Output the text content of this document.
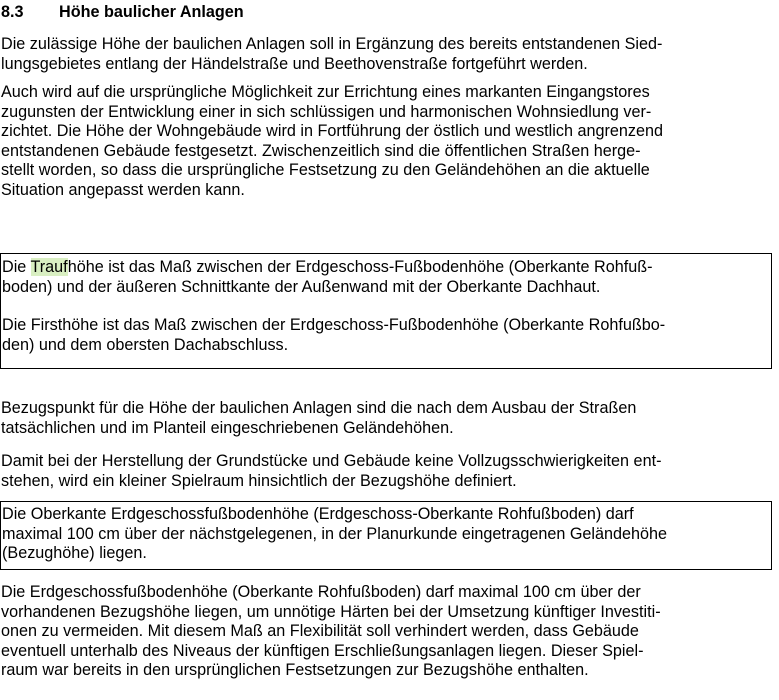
8.3 Höhe baulicher Anlagen
Die zulässige Höhe der baulichen Anlagen soll in Ergänzung des bereits entstandenen Sied-
lungsgebietes entlang der Händelstraße und Beethovenstraße fortgeführt werden.
Auch wird auf die ursprüngliche Möglichkeit zur Errichtung eines markanten Eingangstores
zugunsten der Entwicklung einer in sich schlüssigen und harmonischen Wohnsiedlung ver-
zichtet. Die Höhe der Wohngebäude wird in Fortführung der östlich und westlich angrenzend
entstandenen Gebäude festgesetzt. Zwischenzeitlich sind die öffentlichen Straßen herge-
stellt worden, so dass die ursprüngliche Festsetzung zu den Geländehöhen an die aktuelle
Situation angepasst werden kann.
Die Traufhöhe ist das Maß zwischen der Erdgeschoss-Fußbodenhöhe (Oberkante Rohfuß-
boden) und der äußeren Schnittkante der Außenwand mit der Oberkante Dachhaut.
Die Firsthöhe ist das Maß zwischen der Erdgeschoss-Fußbodenhöhe (Oberkante Rohfußbo-
den) und dem obersten Dachabschluss.
Bezugspunkt für die Höhe der baulichen Anlagen sind die nach dem Ausbau der Straßen
tatsächlichen und im Planteil eingeschriebenen Geländehöhen.
Damit bei der Herstellung der Grundstücke und Gebäude keine Vollzugsschwierigkeiten ent-
stehen, wird ein kleiner Spielraum hinsichtlich der Bezugshöhe definiert.
Die Oberkante Erdgeschossfußbodenhöhe (Erdgeschoss-Oberkante Rohfußboden) darf
maximal 100 cm über der nächstgelegenen, in der Planurkunde eingetragenen Geländehöhe
(Bezughöhe) liegen.
Die Erdgeschossfußbodenhöhe (Oberkante Rohfußboden) darf maximal 100 cm über der
vorhandenen Bezugshöhe liegen, um unnötige Härten bei der Umsetzung künftiger Investiti-
onen zu vermeiden. Mit diesem Maß an Flexibilität soll verhindert werden, dass Gebäude
eventuell unterhalb des Niveaus der künftigen Erschließungsanlagen liegen. Dieser Spiel-
raum war bereits in den ursprünglichen Festsetzungen zur Bezugshöhe enthalten.
